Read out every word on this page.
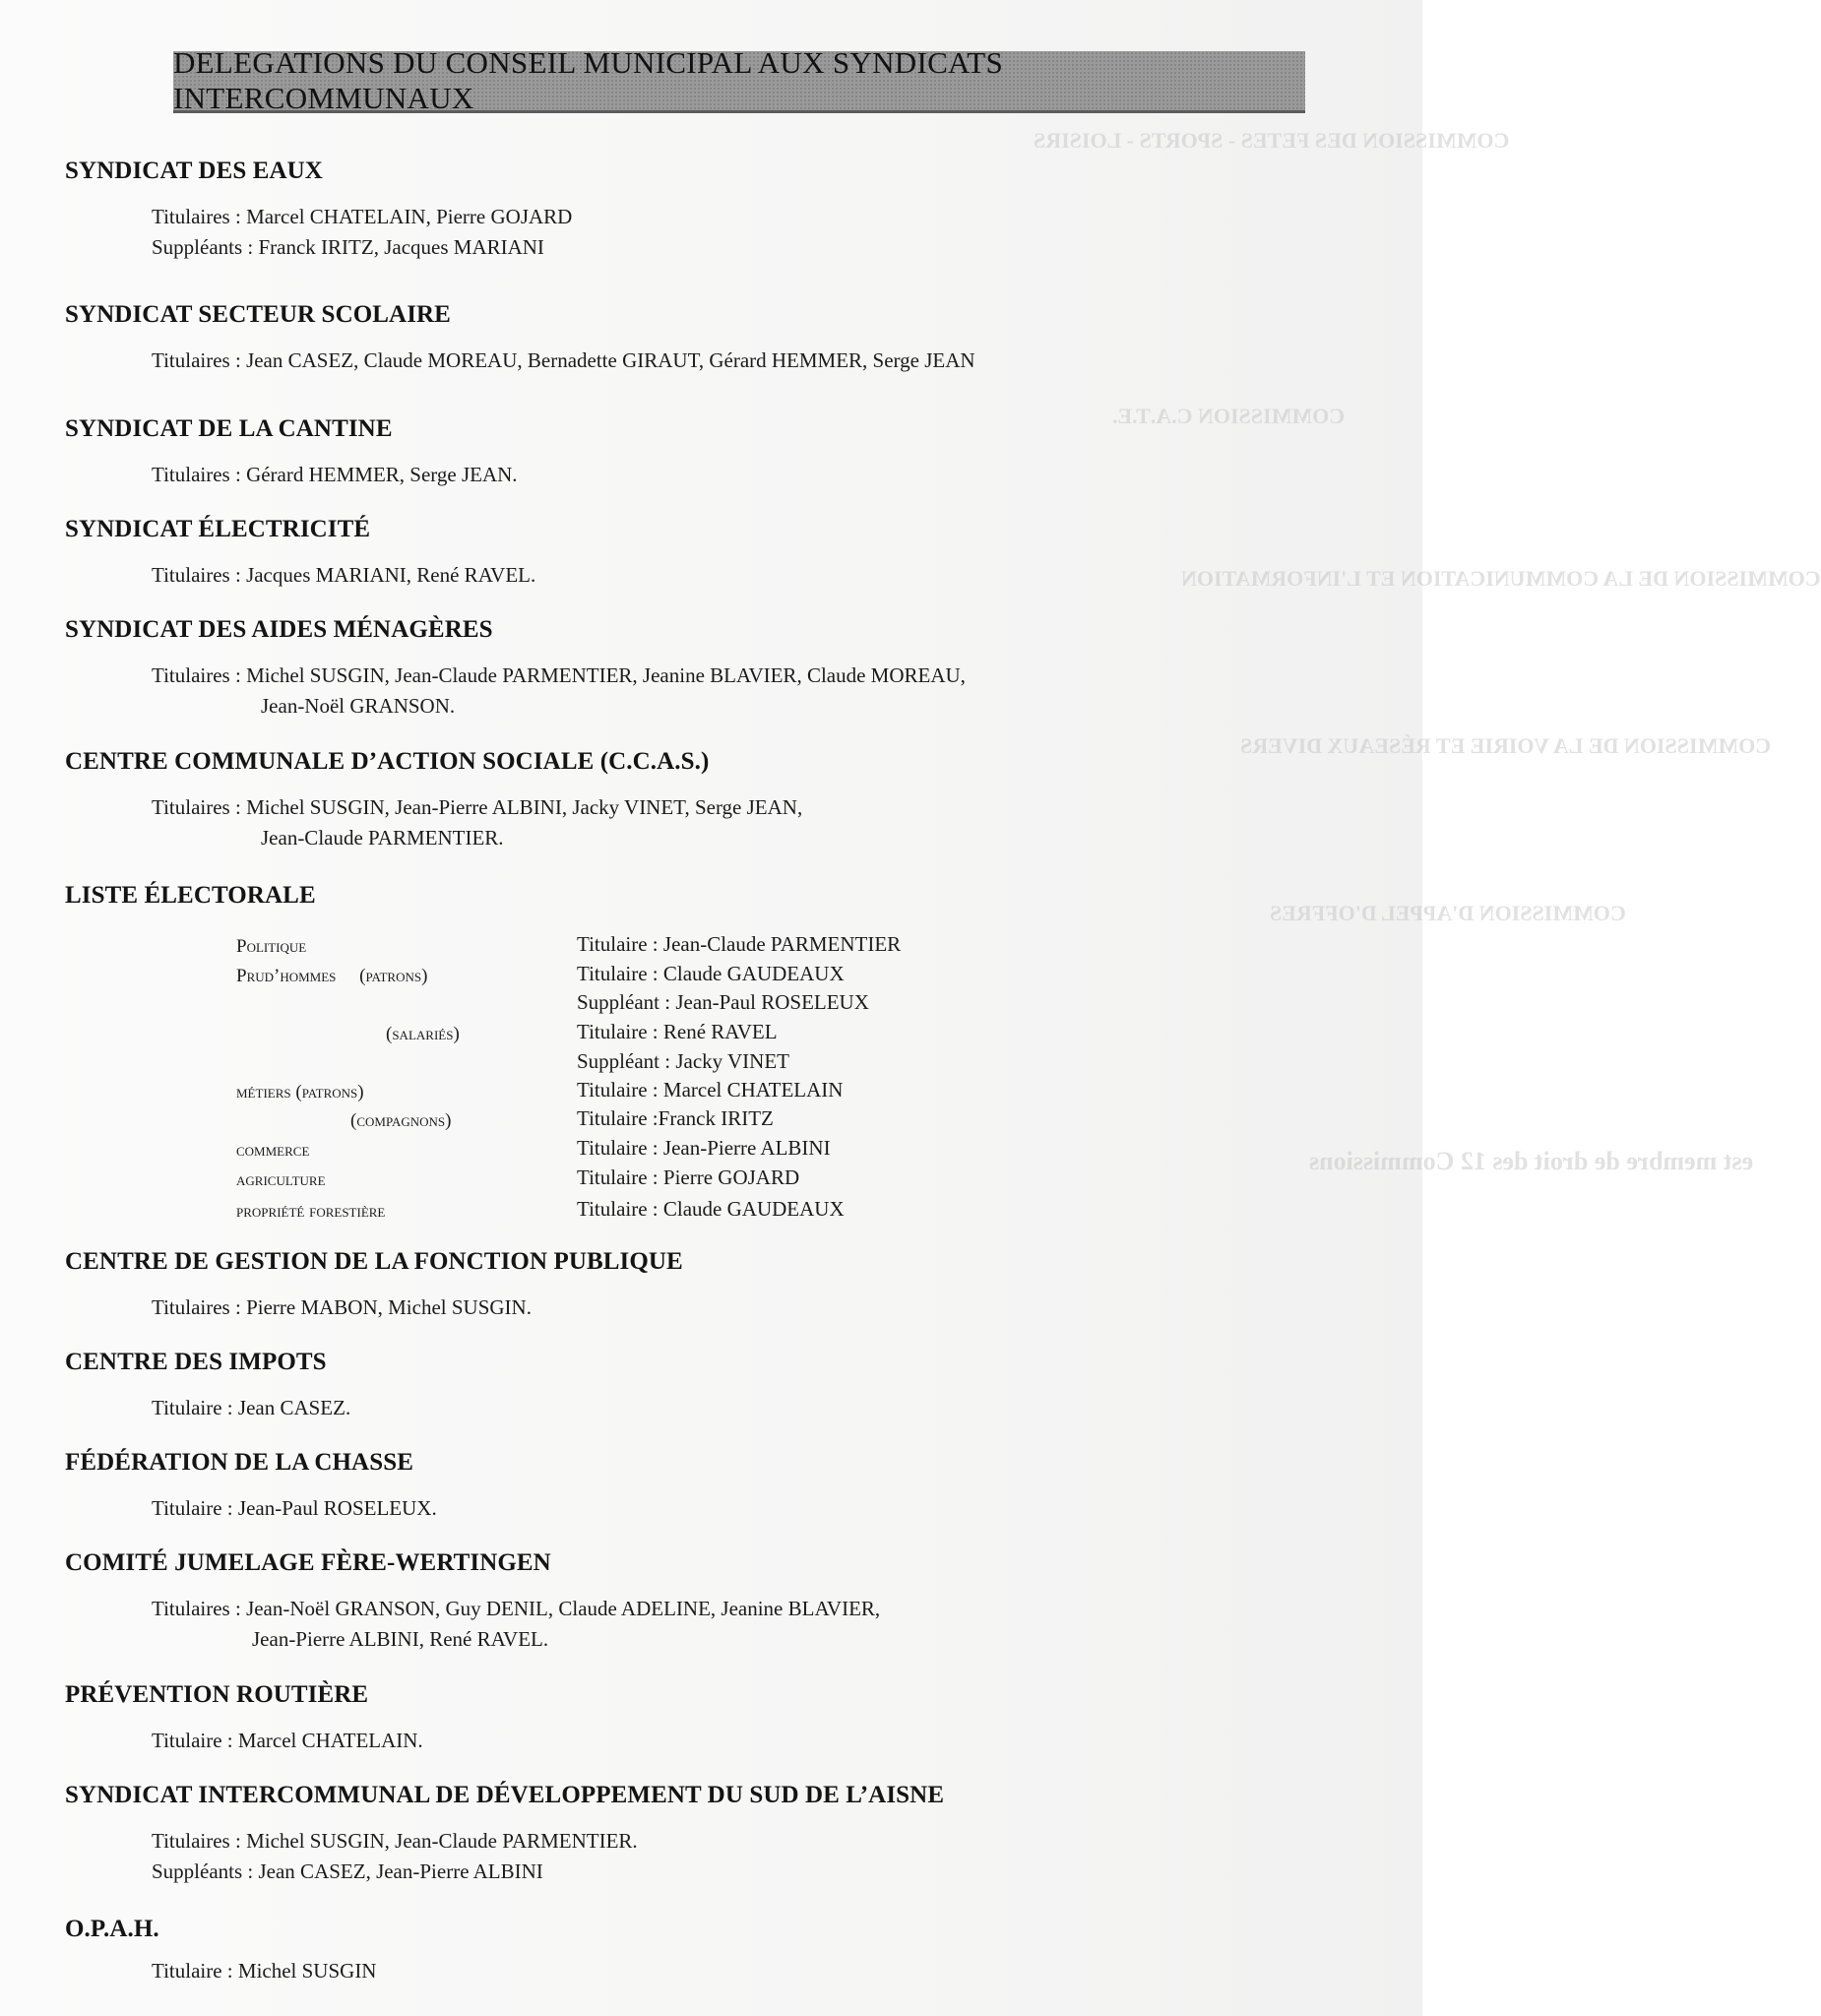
COMMISSION DES FETES - SPORTS - LOISIRS
COMMISSION C.A.T.E.
COMMISSION DE LA COMMUNICATION ET L'INFORMATION
COMMISSION DE LA VOIRIE ET RÉSEAUX DIVERS
COMMISSION D'APPEL D'OFFRES
est membre de droit des 12 Commissions
DELEGATIONS DU CONSEIL MUNICIPAL AUX SYNDICATS INTERCOMMUNAUX

SYNDICAT DES EAUX

Titulaires : Marcel CHATELAIN, Pierre GOJARD

Suppléants : Franck IRITZ, Jacques MARIANI

SYNDICAT SECTEUR SCOLAIRE

Titulaires : Jean CASEZ, Claude MOREAU, Bernadette GIRAUT, Gérard HEMMER, Serge JEAN

SYNDICAT DE LA CANTINE

Titulaires : Gérard HEMMER, Serge JEAN.

SYNDICAT ÉLECTRICITÉ

Titulaires : Jacques MARIANI, René RAVEL.

SYNDICAT DES AIDES MÉNAGÈRES

Titulaires : Michel SUSGIN, Jean-Claude PARMENTIER, Jeanine BLAVIER, Claude MOREAU,

Jean-Noël GRANSON.

CENTRE COMMUNALE D’ACTION SOCIALE (C.C.A.S.)

Titulaires : Michel SUSGIN, Jean-Pierre ALBINI, Jacky VINET, Serge JEAN,

Jean-Claude PARMENTIER.

LISTE ÉLECTORALE

Politique	Titulaire : Jean-Claude PARMENTIER
Prud’hommes     (patrons)	Titulaire : Claude GAUDEAUX
Suppléant : Jean-Paul ROSELEUX
(salariés)	Titulaire : René RAVEL
Suppléant : Jacky VINET
métiers (patrons)	Titulaire : Marcel CHATELAIN
(compagnons)	Titulaire :Franck IRITZ
commerce	Titulaire : Jean-Pierre ALBINI
agriculture	Titulaire : Pierre GOJARD
propriété forestière	Titulaire : Claude GAUDEAUX

CENTRE DE GESTION DE LA FONCTION PUBLIQUE

Titulaires : Pierre MABON, Michel SUSGIN.

CENTRE DES IMPOTS

Titulaire : Jean CASEZ.

FÉDÉRATION DE LA CHASSE

Titulaire : Jean-Paul ROSELEUX.

COMITÉ JUMELAGE FÈRE-WERTINGEN

Titulaires : Jean-Noël GRANSON, Guy DENIL, Claude ADELINE, Jeanine BLAVIER,

Jean-Pierre ALBINI, René RAVEL.

PRÉVENTION ROUTIÈRE

Titulaire : Marcel CHATELAIN.

SYNDICAT INTERCOMMUNAL DE DÉVELOPPEMENT DU SUD DE L’AISNE

Titulaires : Michel SUSGIN, Jean-Claude PARMENTIER.

Suppléants : Jean CASEZ, Jean-Pierre ALBINI

O.P.A.H.

Titulaire : Michel SUSGIN
